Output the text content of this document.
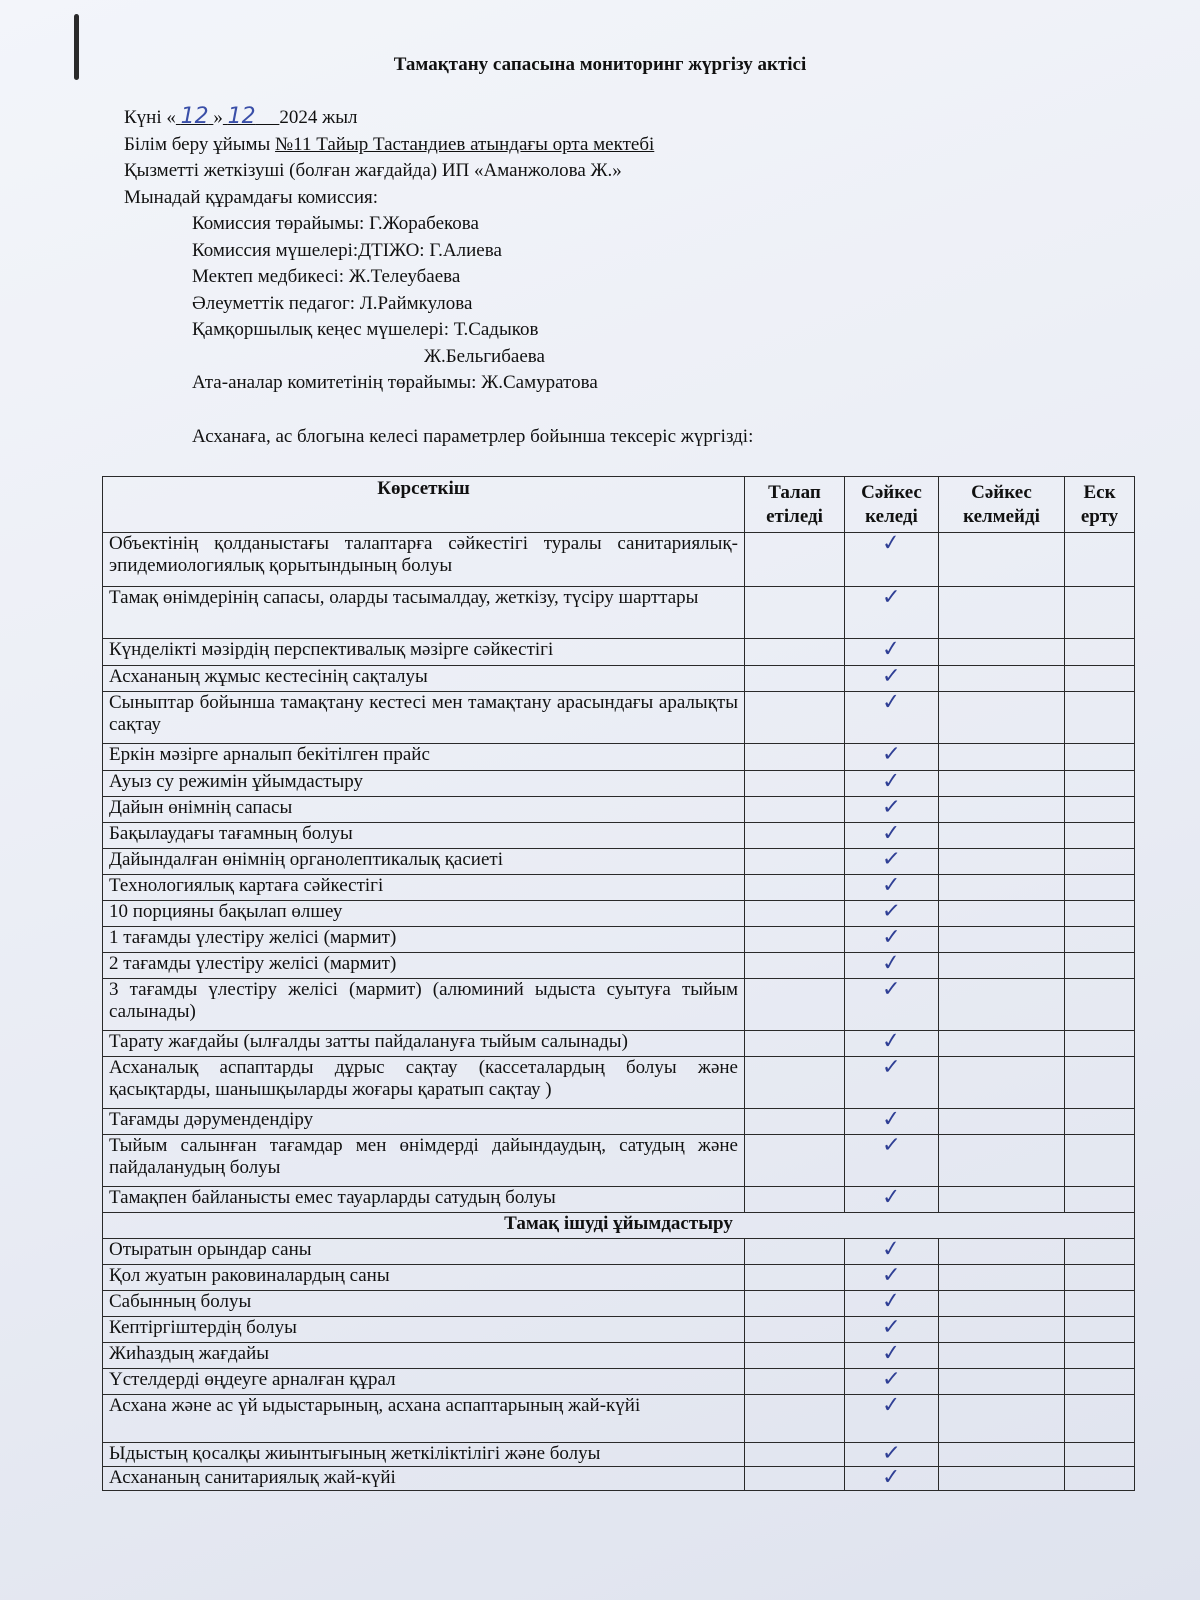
Тамақтану сапасына мониторинг жүргізу актісі
Күні « 12 » 12 2024 жыл
Білім беру ұйымы №11 Тайыр Тастандиев атындағы орта мектебі
Қызметті жеткізуші (болған жағдайда) ИП «Аманжолова Ж.»
Мынадай құрамдағы комиссия:
Комиссия төрайымы: Г.Жорабекова
Комиссия мүшелері:ДТІЖО: Г.Алиева
Мектеп медбикесі: Ж.Телеубаева
Әлеуметтік педагог: Л.Раймкулова
Қамқоршылық кеңес мүшелері: Т.Садыков
Ж.Бельгибаева
Ата-аналар комитетінің төрайымы: Ж.Самуратова
Асханаға, ас блогына келесі параметрлер бойынша тексеріс жүргізді:
Көрсеткіш	Талап етіледі	Сәйкес келеді	Сәйкес келмейді	Еск ерту
Объектінің қолданыстағы талаптарға сәйкестігі туралы санитариялық-эпидемиологиялық қорытындының болуы		✓		
Тамақ өнімдерінің сапасы, оларды тасымалдау, жеткізу, түсіру шарттары		✓		
Күнделікті мәзірдің перспективалық мәзірге сәйкестігі		✓		
Асхананың жұмыс кестесінің сақталуы		✓		
Сыныптар бойынша тамақтану кестесі мен тамақтану арасындағы аралықты сақтау		✓		
Еркін мәзірге арналып бекітілген прайс		✓		
Ауыз су режимін ұйымдастыру		✓		
Дайын өнімнің сапасы		✓		
Бақылаудағы тағамның болуы		✓		
Дайындалған өнімнің органолептикалық қасиеті		✓		
Технологиялық картаға сәйкестігі		✓		
10 порцияны бақылап өлшеу		✓		
1 тағамды үлестіру желісі (мармит)		✓		
2 тағамды үлестіру желісі (мармит)		✓		
3 тағамды үлестіру желісі (мармит) (алюминий ыдыста суытуға тыйым салынады)		✓		
Тарату жағдайы (ылғалды затты пайдалануға тыйым салынады)		✓		
Асханалық аспаптарды дұрыс сақтау (кассеталардың болуы және қасықтарды, шанышқыларды жоғары қаратып сақтау )		✓		
Тағамды дәрумендендіру		✓		
Тыйым салынған тағамдар мен өнімдерді дайындаудың, сатудың және пайдаланудың болуы		✓		
Тамақпен байланысты емес тауарларды сатудың болуы		✓		
Тамақ ішуді ұйымдастыру				
Отыратын орындар саны		✓		
Қол жуатын раковиналардың саны		✓		
Сабынның болуы		✓		
Кептіргіштердің болуы		✓		
Жиһаздың жағдайы		✓		
Үстелдерді өңдеуге арналған құрал		✓		
Асхана және ас үй ыдыстарының, асхана аспаптарының жай-күйі		✓		
Ыдыстың қосалқы жиынтығының жеткіліктілігі және болуы		✓		
Асхананың санитариялық жай-күйі		✓		
